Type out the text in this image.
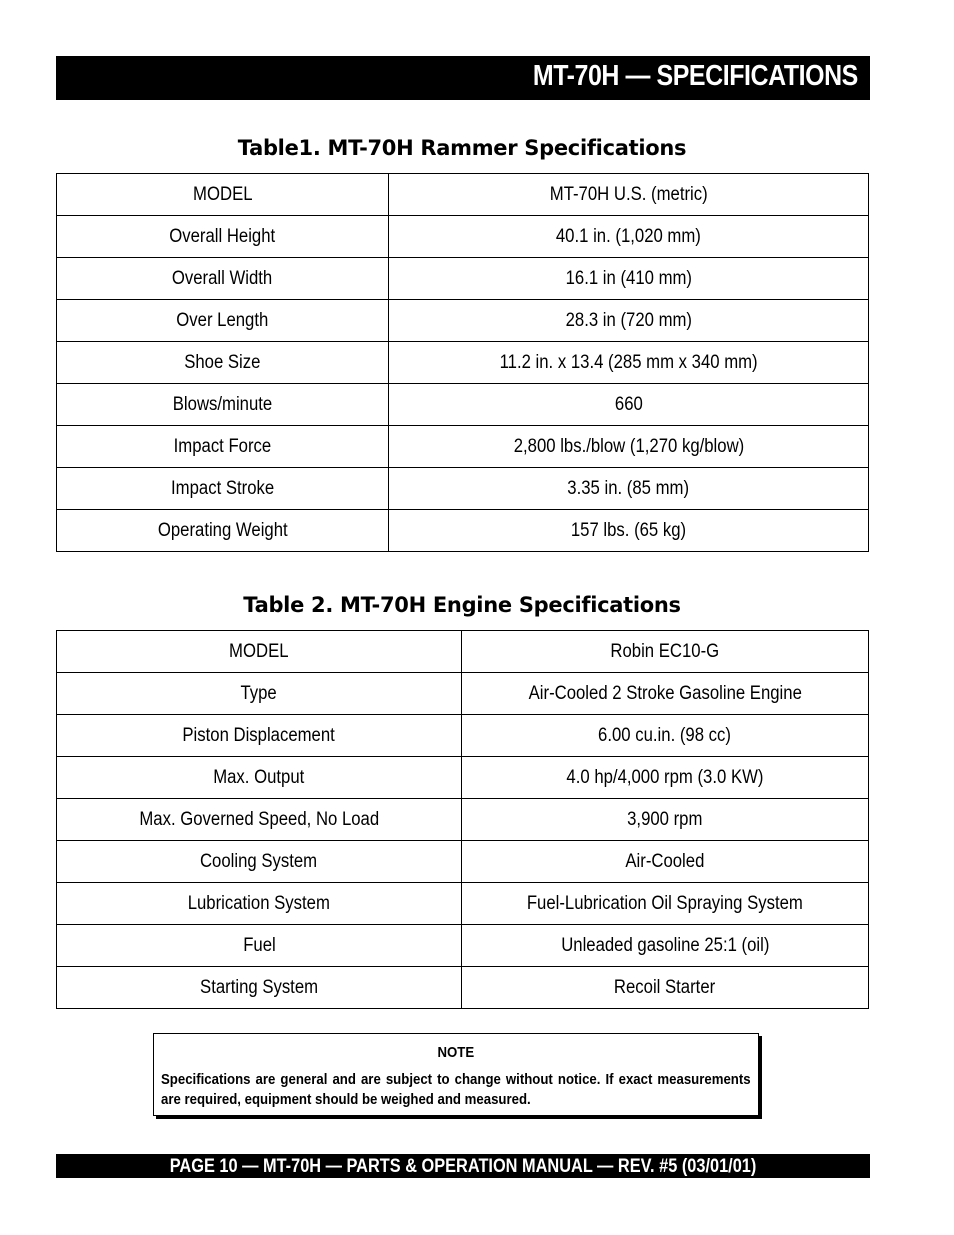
MT-70H — SPECIFICATIONS
Table1. MT-70H Rammer Specifications
MODEL	MT-70H U.S. (metric)
Overall Height	40.1 in. (1,020 mm)
Overall Width	16.1 in (410 mm)
Over Length	28.3 in (720 mm)
Shoe Size	11.2 in. x 13.4 (285 mm x 340 mm)
Blows/minute	660
Impact Force	2,800 lbs./blow (1,270 kg/blow)
Impact Stroke	3.35 in. (85 mm)
Operating Weight	157 lbs. (65 kg)
Table 2. MT-70H Engine Specifications
MODEL	Robin EC10-G
Type	Air-Cooled 2 Stroke Gasoline Engine
Piston Displacement	6.00 cu.in. (98 cc)
Max. Output	4.0 hp/4,000 rpm (3.0 KW)
Max. Governed Speed, No Load	3,900 rpm
Cooling System	Air-Cooled
Lubrication System	Fuel-Lubrication Oil Spraying System
Fuel	Unleaded gasoline 25:1 (oil)
Starting System	Recoil Starter
NOTE
Specifications are general and are subject to change without notice. If exact measurements are required, equipment should be weighed and measured.
PAGE 10 — MT-70H — PARTS & OPERATION MANUAL — REV. #5 (03/01/01)
